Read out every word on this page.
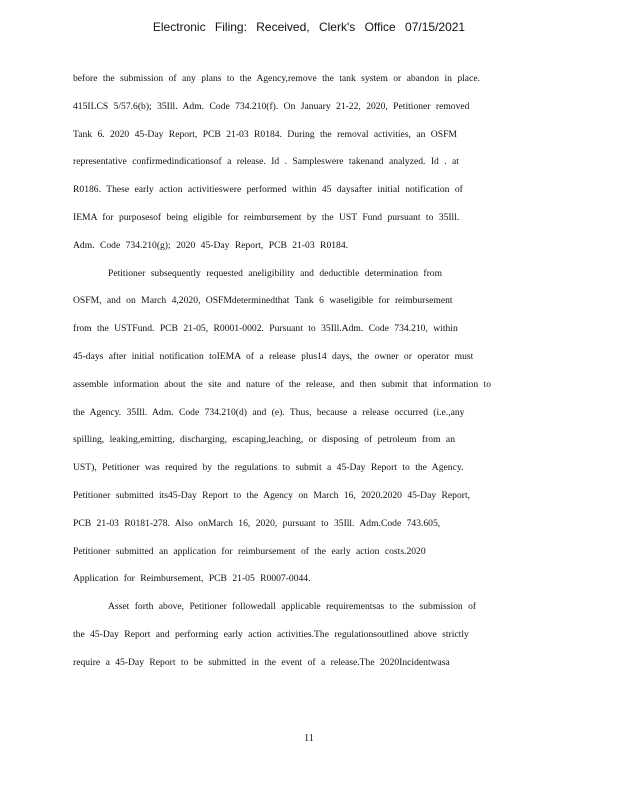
Electronic Filing: Received, Clerk's Office 07/15/2021
before the submission of any plans to the Agency,remove the tank system or abandon in place.
415ILCS 5/57.6(b); 35Ill. Adm. Code 734.210(f). On January 21-22, 2020, Petitioner removed
Tank 6. 2020 45-Day Report, PCB 21-03 R0184. During the removal activities, an OSFM
representative confirmedindicationsof a release. Id . Sampleswere takenand analyzed. Id . at
R0186. These early action activitieswere performed within 45 daysafter initial notification of
IEMA for purposesof being eligible for reimbursement by the UST Fund pursuant to 35Ill.
Adm. Code 734.210(g); 2020 45-Day Report, PCB 21-03 R0184.
Petitioner subsequently requested aneligibility and deductible determination from
OSFM, and on March 4,2020, OSFMdeterminedthat Tank 6 waseligible for reimbursement
from the USTFund. PCB 21-05, R0001-0002. Pursuant to 35Ill.Adm. Code 734.210, within
45-days after initial notification toIEMA of a release plus14 days, the owner or operator must
assemble information about the site and nature of the release, and then submit that information to
the Agency. 35Ill. Adm. Code 734.210(d) and (e). Thus, because a release occurred (i.e.,any
spilling, leaking,emitting, discharging, escaping,leaching, or disposing of petroleum from an
UST), Petitioner was required by the regulations to submit a 45-Day Report to the Agency.
Petitioner submitted its45-Day Report to the Agency on March 16, 2020.2020 45-Day Report,
PCB 21-03 R0181-278. Also onMarch 16, 2020, pursuant to 35Ill. Adm.Code 743.605,
Petitioner submitted an application for reimbursement of the early action costs.2020
Application for Reimbursement, PCB 21-05 R0007-0044.
Asset forth above, Petitioner followedall applicable requirementsas to the submission of
the 45-Day Report and performing early action activities.The regulationsoutlined above strictly
require a 45-Day Report to be submitted in the event of a release.The 2020Incidentwasa
11
